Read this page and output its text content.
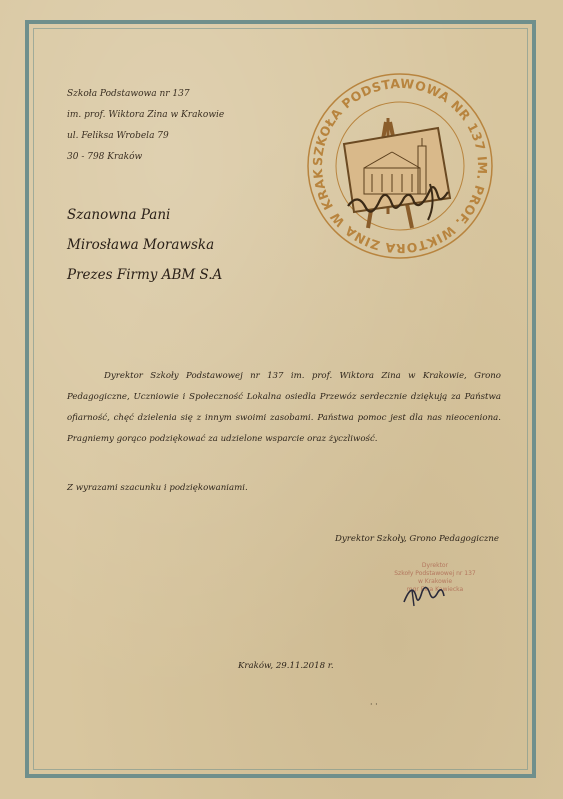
Szkoła Podstawowa nr 137
im. prof. Wiktora Zina w Krakowie
ul. Feliksa Wrobela 79
30 - 798 Kraków	SZKOŁA PODSTAWOWA NR 137 IM. PROF. WIKTORA ZINA W KRAK
Szanowna Pani
Mirosława Morawska
Prezes Firmy ABM S.A
Dyrektor Szkoły Podstawowej nr 137 im. prof. Wiktora Zina w Krakowie, Grono Pedagogiczne, Uczniowie i Społeczność Lokalna osiedla Przewóz serdecznie dziękują za Państwa ofiarność, chęć dzielenia się z innym swoimi zasobami. Państwa pomoc jest dla nas nieoceniona. Pragniemy gorąco podziękować za udzielone wsparcie oraz życzliwość.
Z wyrazami szacunku i podziękowaniami.
Dyrektor Szkoły, Grono Pedagogiczne
Dyrektor
Szkoły Podstawowej nr 137
w Krakowie
mgr Ewa Kawiecka
Kraków, 29.11.2018 r.
· ·
